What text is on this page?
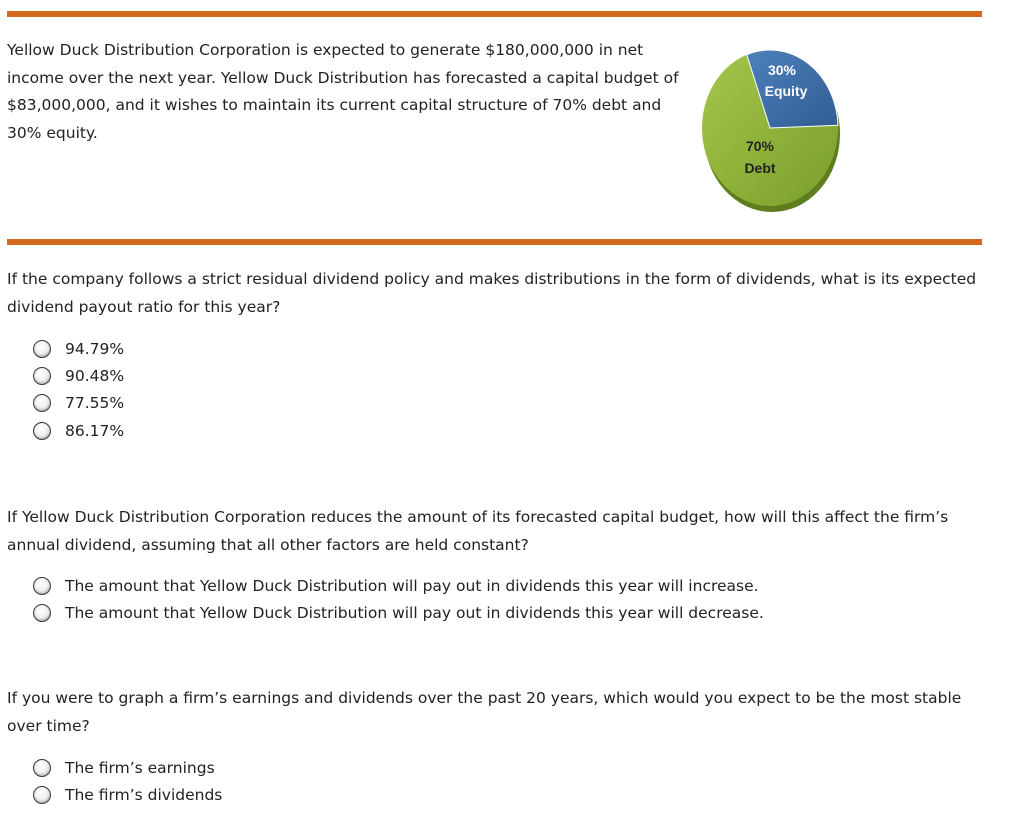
Yellow Duck Distribution Corporation is expected to generate $180,000,000 in net income over the next year. Yellow Duck Distribution has forecasted a capital budget of $83,000,000, and it wishes to maintain its current capital structure of 70% debt and 30% equity.

30%
Equity
70%
Debt

If the company follows a strict residual dividend policy and makes distributions in the form of dividends, what is its expected dividend payout ratio for this year?

94.79%
90.48%
77.55%
86.17%

If Yellow Duck Distribution Corporation reduces the amount of its forecasted capital budget, how will this affect the firm’s annual dividend, assuming that all other factors are held constant?

The amount that Yellow Duck Distribution will pay out in dividends this year will increase.
The amount that Yellow Duck Distribution will pay out in dividends this year will decrease.

If you were to graph a firm’s earnings and dividends over the past 20 years, which would you expect to be the most stable over time?

The firm’s earnings
The firm’s dividends
